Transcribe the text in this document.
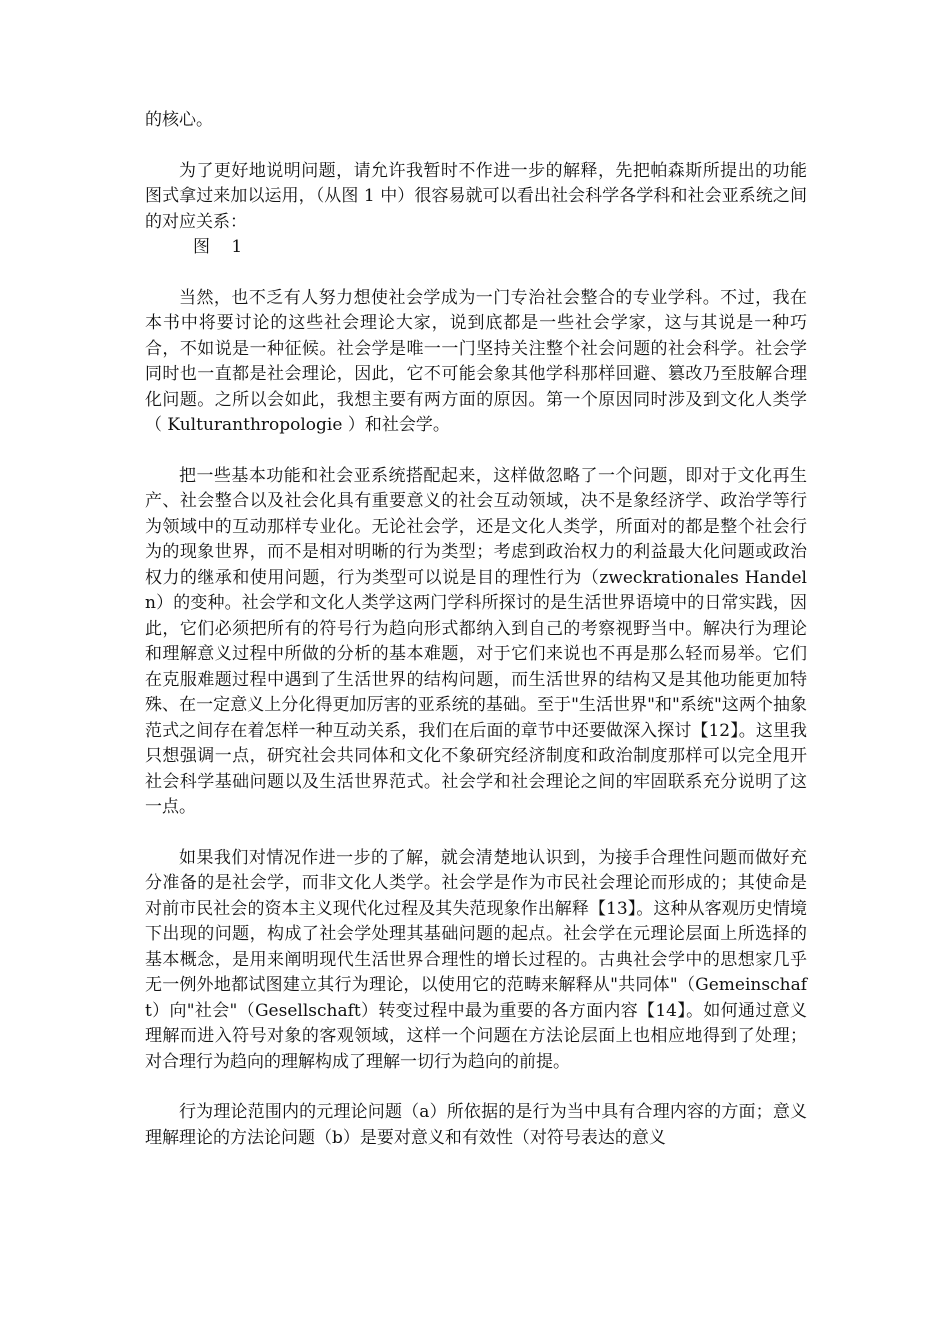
的核心。

为了更好地说明问题，请允许我暂时不作进一步的解释，先把帕森斯所提出的功能图式拿过来加以运用，（从图 1 中）很容易就可以看出社会科学各学科和社会亚系统之间的对应关系：

图 1

当然，也不乏有人努力想使社会学成为一门专治社会整合的专业学科。不过，我在本书中将要讨论的这些社会理论大家，说到底都是一些社会学家，这与其说是一种巧合，不如说是一种征候。社会学是唯一一门坚持关注整个社会问题的社会科学。社会学同时也一直都是社会理论，因此，它不可能会象其他学科那样回避、篡改乃至肢解合理化问题。之所以会如此，我想主要有两方面的原因。第一个原因同时涉及到文化人类学（ Kulturanthropologie ）和社会学。

把一些基本功能和社会亚系统搭配起来，这样做忽略了一个问题，即对于文化再生产、社会整合以及社会化具有重要意义的社会互动领域，决不是象经济学、政治学等行为领域中的互动那样专业化。无论社会学，还是文化人类学，所面对的都是整个社会行为的现象世界，而不是相对明晰的行为类型；考虑到政治权力的利益最大化问题或政治权力的继承和使用问题，行为类型可以说是目的理性行为（zweckrationales Handeln）的变种。社会学和文化人类学这两门学科所探讨的是生活世界语境中的日常实践，因此，它们必须把所有的符号行为趋向形式都纳入到自己的考察视野当中。解决行为理论和理解意义过程中所做的分析的基本难题，对于它们来说也不再是那么轻而易举。它们在克服难题过程中遇到了生活世界的结构问题，而生活世界的结构又是其他功能更加特殊、在一定意义上分化得更加厉害的亚系统的基础。至于"生活世界"和"系统"这两个抽象范式之间存在着怎样一种互动关系，我们在后面的章节中还要做深入探讨【12】。这里我只想强调一点，研究社会共同体和文化不象研究经济制度和政治制度那样可以完全甩开社会科学基础问题以及生活世界范式。社会学和社会理论之间的牢固联系充分说明了这一点。

如果我们对情况作进一步的了解，就会清楚地认识到，为接手合理性问题而做好充分准备的是社会学，而非文化人类学。社会学是作为市民社会理论而形成的；其使命是对前市民社会的资本主义现代化过程及其失范现象作出解释【13】。这种从客观历史情境下出现的问题，构成了社会学处理其基础问题的起点。社会学在元理论层面上所选择的基本概念，是用来阐明现代生活世界合理性的增长过程的。古典社会学中的思想家几乎无一例外地都试图建立其行为理论，以使用它的范畴来解释从"共同体"（Gemeinschaft）向"社会"（Gesellschaft）转变过程中最为重要的各方面内容【14】。如何通过意义理解而进入符号对象的客观领域，这样一个问题在方法论层面上也相应地得到了处理；对合理行为趋向的理解构成了理解一切行为趋向的前提。

行为理论范围内的元理论问题（a）所依据的是行为当中具有合理内容的方面；意义理解理论的方法论问题（b）是要对意义和有效性（对符号表达的意义
